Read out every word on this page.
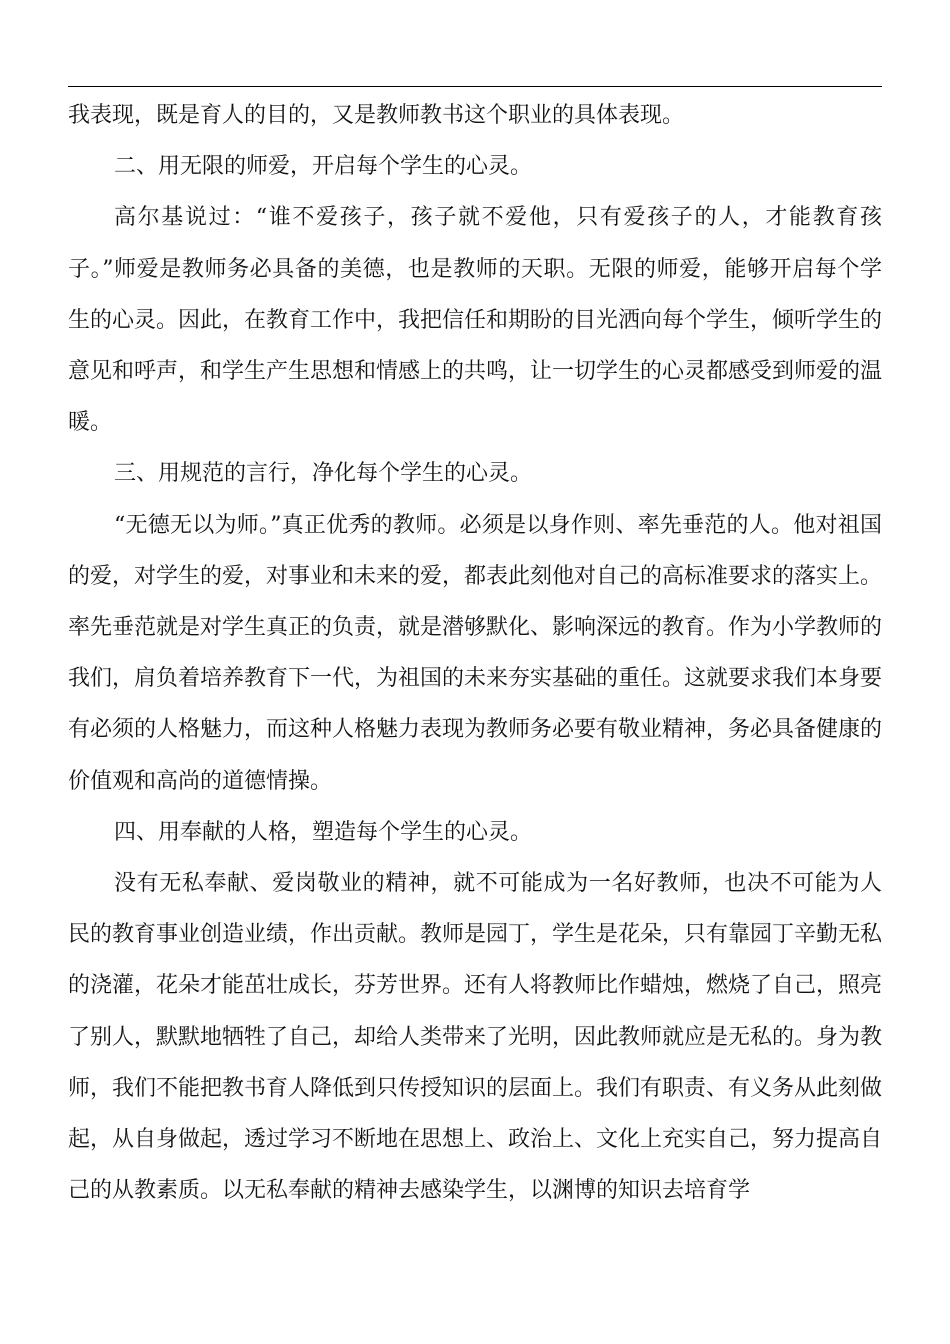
我表现，既是育人的目的，又是教师教书这个职业的具体表现。

二、用无限的师爱，开启每个学生的心灵。

高尔基说过：“谁不爱孩子，孩子就不爱他，只有爱孩子的人，才能教育孩子。”师爱是教师务必具备的美德，也是教师的天职。无限的师爱，能够开启每个学生的心灵。因此，在教育工作中，我把信任和期盼的目光洒向每个学生，倾听学生的意见和呼声，和学生产生思想和情感上的共鸣，让一切学生的心灵都感受到师爱的温暖。

三、用规范的言行，净化每个学生的心灵。

“无德无以为师。”真正优秀的教师。必须是以身作则、率先垂范的人。他对祖国的爱，对学生的爱，对事业和未来的爱，都表此刻他对自己的高标准要求的落实上。率先垂范就是对学生真正的负责，就是潜够默化、影响深远的教育。作为小学教师的我们，肩负着培养教育下一代，为祖国的未来夯实基础的重任。这就要求我们本身要有必须的人格魅力，而这种人格魅力表现为教师务必要有敬业精神，务必具备健康的价值观和高尚的道德情操。

四、用奉献的人格，塑造每个学生的心灵。

没有无私奉献、爱岗敬业的精神，就不可能成为一名好教师，也决不可能为人民的教育事业创造业绩，作出贡献。教师是园丁，学生是花朵，只有靠园丁辛勤无私的浇灌，花朵才能茁壮成长，芬芳世界。还有人将教师比作蜡烛，燃烧了自己，照亮了别人，默默地牺牲了自己，却给人类带来了光明，因此教师就应是无私的。身为教师，我们不能把教书育人降低到只传授知识的层面上。我们有职责、有义务从此刻做起，从自身做起，透过学习不断地在思想上、政治上、文化上充实自己，努力提高自己的从教素质。以无私奉献的精神去感染学生，以渊博的知识去培育学
